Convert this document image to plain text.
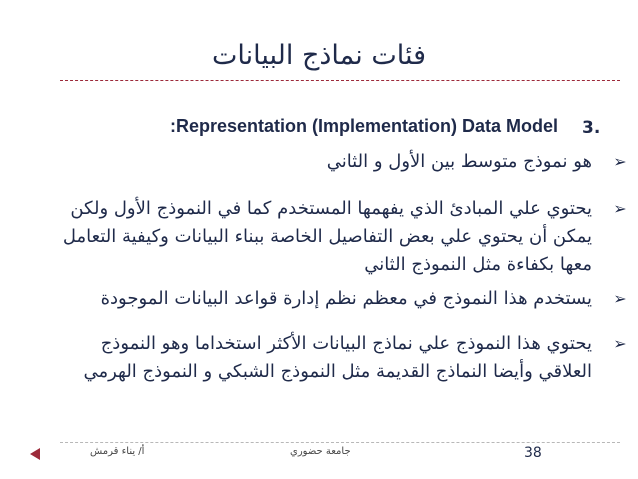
فئات نماذج البيانات
3.
:Representation (Implementation) Data Model
➢
هو نموذج متوسط بين الأول و الثاني
➢
يحتوي علي المبادئ الذي يفهمها المستخدم كما في النموذج الأول ولكن يمكن أن يحتوي علي بعض التفاصيل الخاصة ببناء البيانات وكيفية التعامل معها بكفاءة مثل النموذج الثاني
➢
يستخدم هذا النموذج في معظم نظم إدارة قواعد البيانات الموجودة
➢
يحتوي هذا النموذج علي نماذج البيانات الأكثر استخداما وهو النموذج العلاقي وأيضا النماذج القديمة مثل النموذج الشبكي و النموذج الهرمي
أ/ يناء قرمش	جامعة حضوري	38
